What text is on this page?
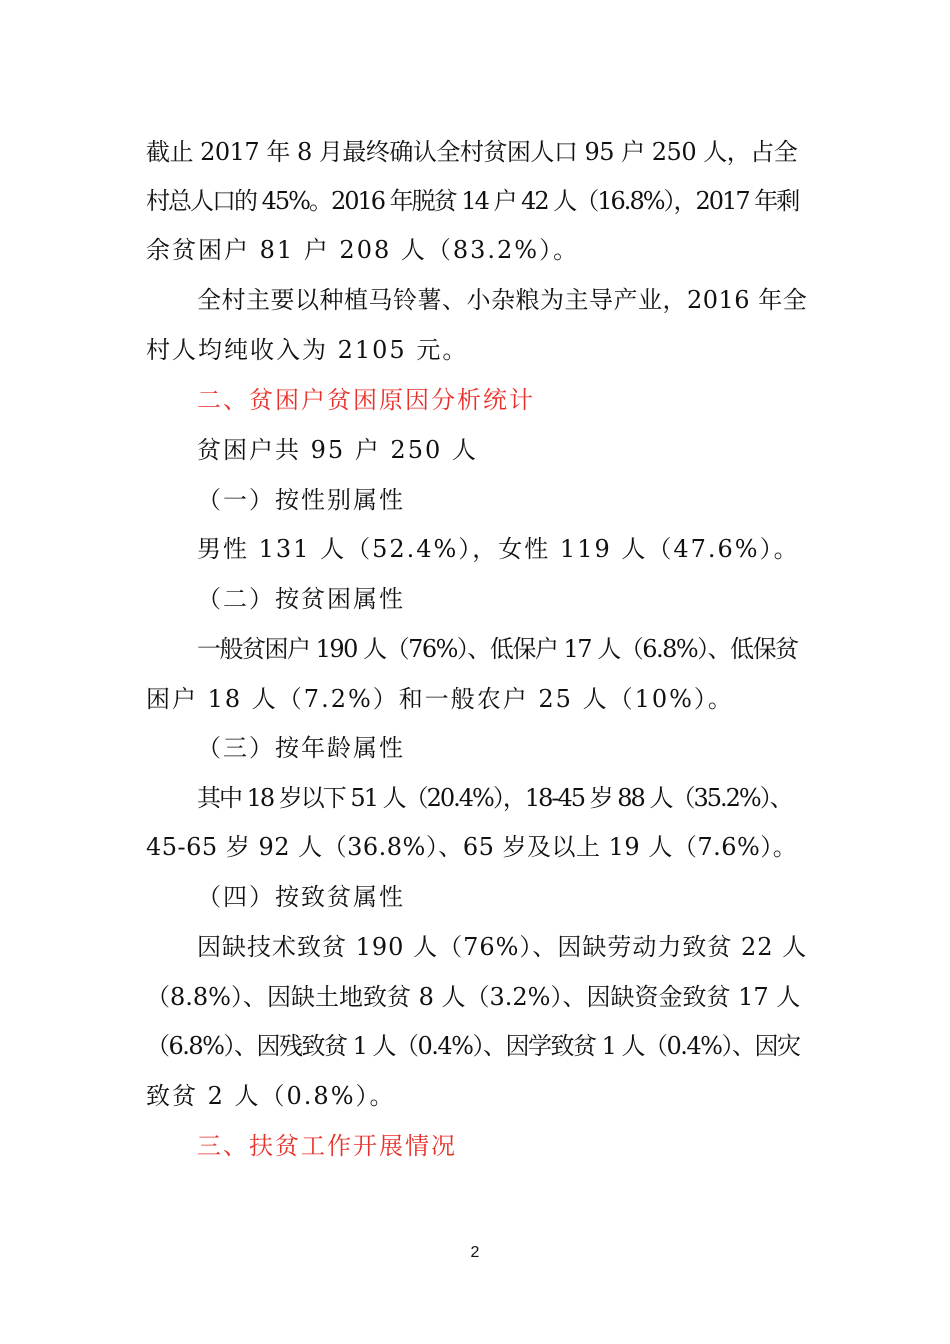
截止 2017 年 8 月最终确认全村贫困人口 95 户 250 人，占全
村总人口的 45%。2016 年脱贫 14 户 42 人（16.8%），2017 年剩
余贫困户 81 户 208 人（83.2%）。
全村主要以种植马铃薯、小杂粮为主导产业，2016 年全
村人均纯收入为 2105 元。
二、贫困户贫困原因分析统计
贫困户共 95 户 250 人
（一）按性别属性
男性 131 人（52.4%），女性 119 人（47.6%）。
（二）按贫困属性
一般贫困户 190 人（76%）、低保户 17 人（6.8%）、低保贫
困户 18 人（7.2%）和一般农户 25 人（10%）。
（三）按年龄属性
其中 18 岁以下 51 人（20.4%），18-45 岁 88 人（35.2%）、
45-65 岁 92 人（36.8%）、65 岁及以上 19 人（7.6%）。
（四）按致贫属性
因缺技术致贫 190 人（76%）、因缺劳动力致贫 22 人
（8.8%）、因缺土地致贫 8 人（3.2%）、因缺资金致贫 17 人
（6.8%）、因残致贫 1 人（0.4%）、因学致贫 1 人（0.4%）、因灾
致贫 2 人（0.8%）。
三、扶贫工作开展情况
2
